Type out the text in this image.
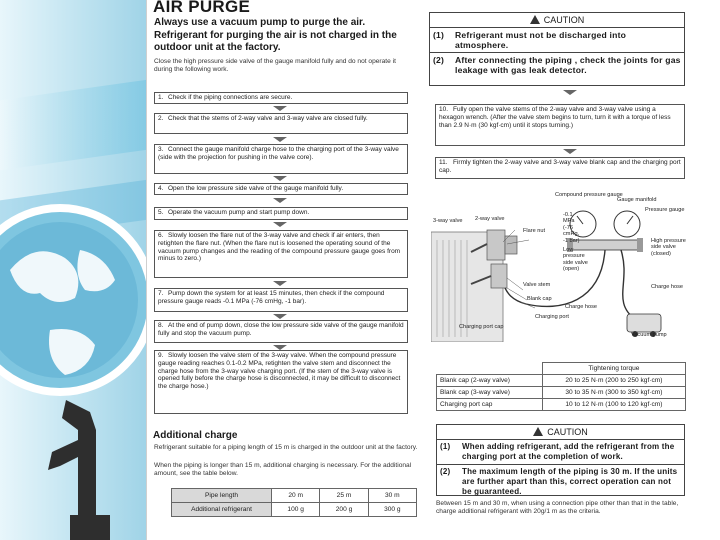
AIR PURGE
Always use a vacuum pump to purge the air.
Refrigerant for purging the air is not charged in the outdoor unit at the factory.
Close the high pressure side valve of the gauge manifold fully and do not operate it during the following work.
1. Check if the piping connections are secure.
2. Check that the stems of 2-way valve and 3-way valve are closed fully.
3. Connect the gauge manifold charge hose to the charging port of the 3-way valve (side with the projection for pushing in the valve core).
4. Open the low pressure side valve of the gauge manifold fully.
5. Operate the vacuum pump and start pump down.
6. Slowly loosen the flare nut of the 3-way valve and check if air enters, then retighten the flare nut. (When the flare nut is loosened the operating sound of the vacuum pump changes and the reading of the compound pressure gauge goes from minus to zero.)
7. Pump down the system for at least 15 minutes, then check if the compound pressure gauge reads -0.1 MPa (-76 cmHg, -1 bar).
8. At the end of pump down, close the low pressure side valve of the gauge manifold fully and stop the vacuum pump.
9. Slowly loosen the valve stem of the 3-way valve. When the compound pressure gauge reading reaches 0.1-0.2 MPa, retighten the valve stem and disconnect the charge hose from the 3-way valve charging port. (If the stem of the 3-way valve is opened fully before the charge hose is disconnected, it may be difficult to disconnect the charge hose.)
CAUTION
(1)	Refrigerant must not be discharged into atmosphere.
(2)	After connecting the piping , check the joints for gas leakage with gas leak detector.
10. Fully open the valve stems of the 2-way valve and 3-way valve using a hexagon wrench. (After the valve stem begins to turn, turn it with a torque of less than 2.9 N·m (30 kgf·cm) until it stops turning.)
11. Firmly tighten the 2-way valve and 3-way valve blank cap and the charging port cap.
Compound pressure gauge
Gauge manifold
Pressure gauge
-0.1 MPa (-76 cmHg, -1 bar)
3-way valve 2-way valve
Flare nut
Low pressure side valve (open)
High pressure side valve (closed)
Valve stem
Blank cap
Charge hose
Charge hose
Charging port
Charging port cap
Vacuum pump
	Tightening torque
Blank cap (2-way valve)	20 to 25 N·m (200 to 250 kgf·cm)
Blank cap (3-way valve)	30 to 35 N·m (300 to 350 kgf·cm)
Charging port cap	10 to 12 N·m (100 to 120 kgf·cm)
Additional charge
Refrigerant suitable for a piping length of 15 m is charged in the outdoor unit at the factory.
When the piping is longer than 15 m, additional charging is necessary. For the additional amount, see the table below.
Pipe length	20 m	25 m	30 m
Additional refrigerant	100 g	200 g	300 g
CAUTION
(1)	When adding refrigerant, add the refrigerant from the charging port at the completion of work.
(2)	The maximum length of the piping is 30 m. If the units are further apart than this, correct operation can not be guaranteed.
Between 15 m and 30 m, when using a connection pipe other than that in the table, charge additional refrigerant with 20g/1 m as the criteria.
